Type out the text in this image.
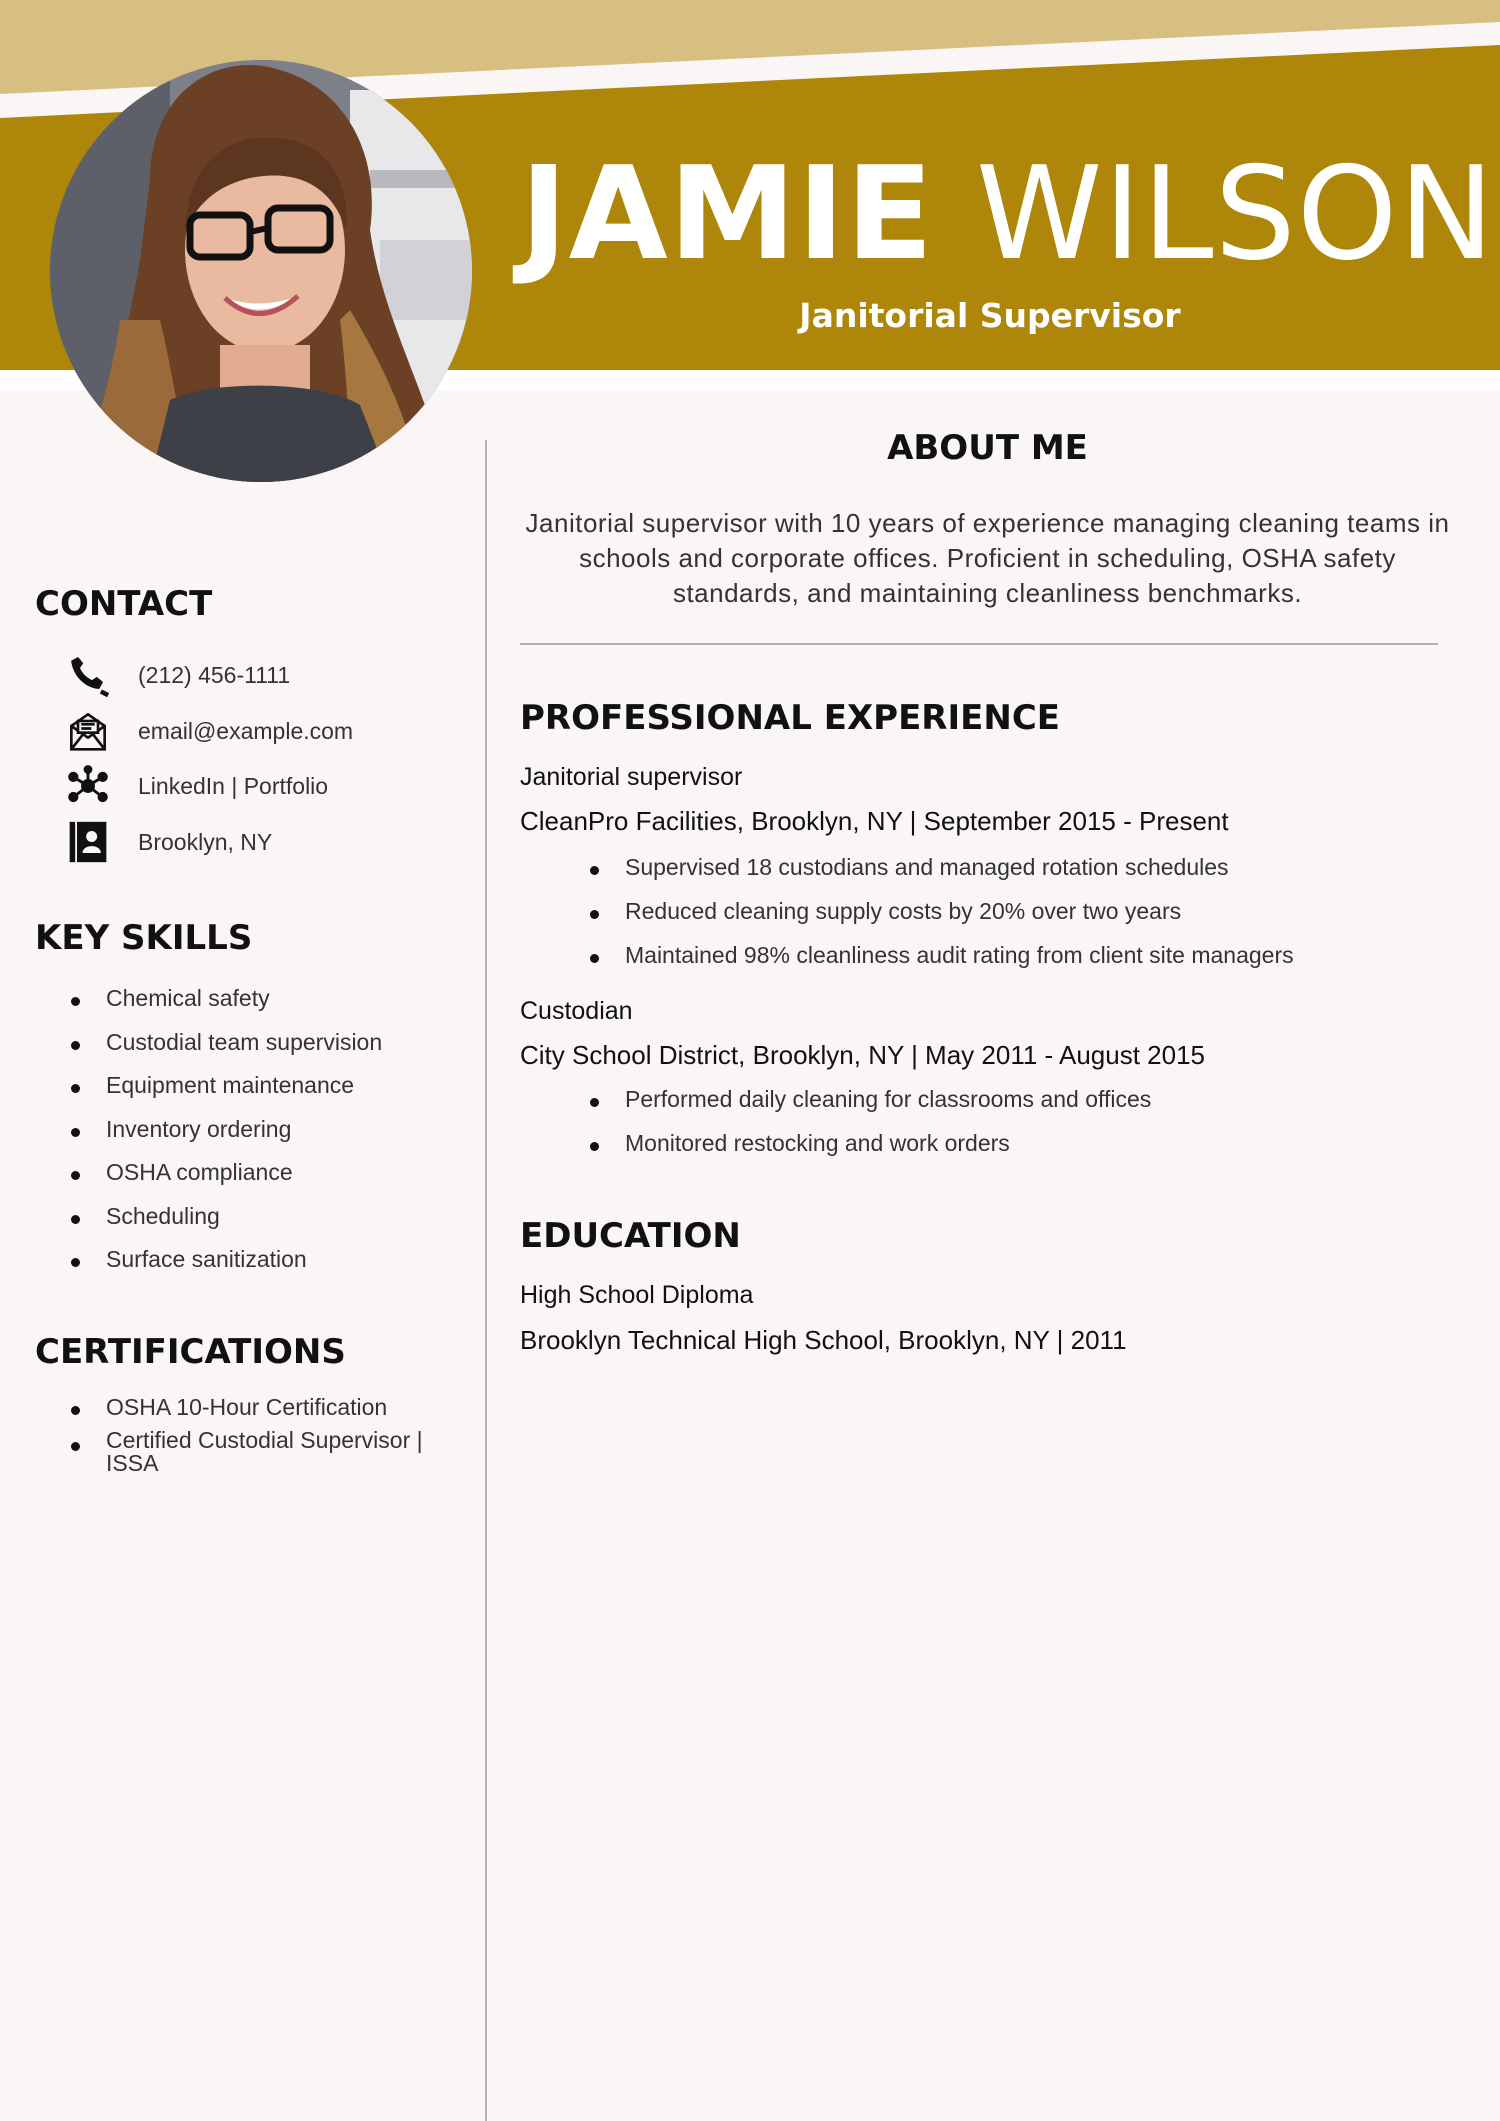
JAMIE WILSON
Janitorial Supervisor
CONTACT
(212) 456-1111
email@example.com
LinkedIn | Portfolio
Brooklyn, NY
KEY SKILLS
Chemical safety
Custodial team supervision
Equipment maintenance
Inventory ordering
OSHA compliance
Scheduling
Surface sanitization
CERTIFICATIONS
OSHA 10-Hour Certification
Certified Custodial Supervisor | ISSA
ABOUT ME
Janitorial supervisor with 10 years of experience managing cleaning teams in schools and corporate offices. Proficient in scheduling, OSHA safety standards, and maintaining cleanliness benchmarks.
PROFESSIONAL EXPERIENCE
Janitorial supervisor
CleanPro Facilities, Brooklyn, NY | September 2015 - Present
Supervised 18 custodians and managed rotation schedules
Reduced cleaning supply costs by 20% over two years
Maintained 98% cleanliness audit rating from client site managers
Custodian
City School District, Brooklyn, NY | May 2011 - August 2015
Performed daily cleaning for classrooms and offices
Monitored restocking and work orders
EDUCATION
High School Diploma
Brooklyn Technical High School, Brooklyn, NY | 2011
